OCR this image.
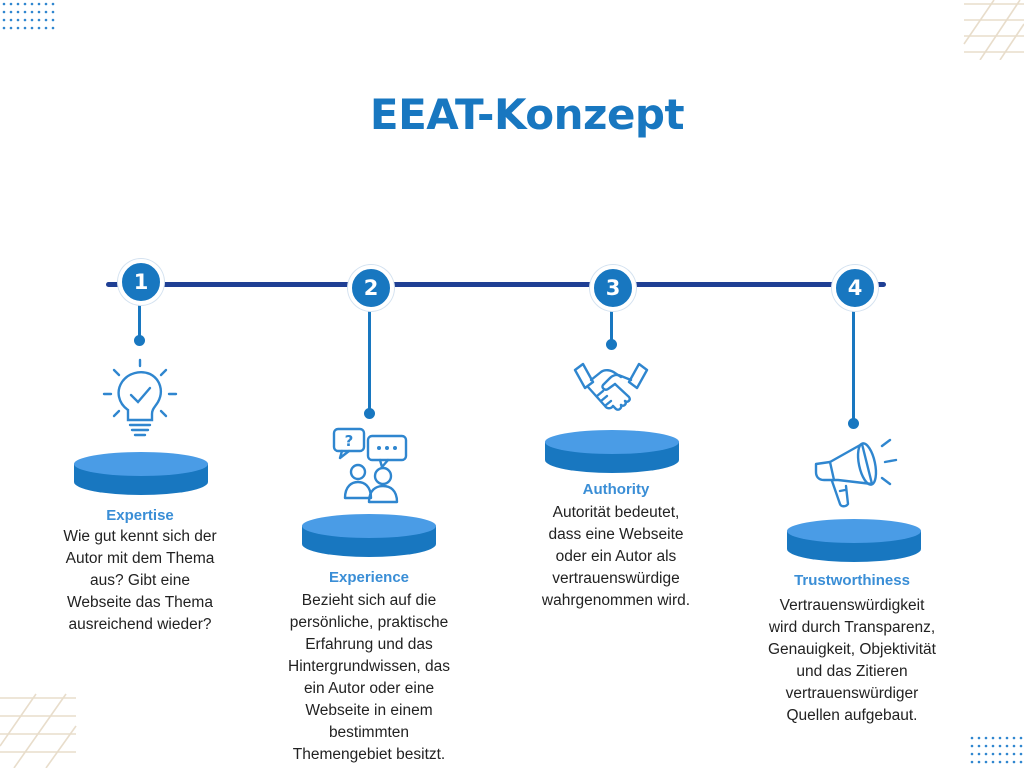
EEAT-Konzept
1
Expertise
Wie gut kennt sich der
Autor mit dem Thema
aus? Gibt eine
Webseite das Thema
ausreichend wieder?
2
?
Experience
Bezieht sich auf die
persönliche, praktische
Erfahrung und das
Hintergrundwissen, das
ein Autor oder eine
Webseite in einem
bestimmten
Themengebiet besitzt.
3
Authority
Autorität bedeutet,
dass eine Webseite
oder ein Autor als
vertrauenswürdige
wahrgenommen wird.
4
Trustworthiness
Vertrauenswürdigkeit
wird durch Transparenz,
Genauigkeit, Objektivität
und das Zitieren
vertrauenswürdiger
Quellen aufgebaut.
